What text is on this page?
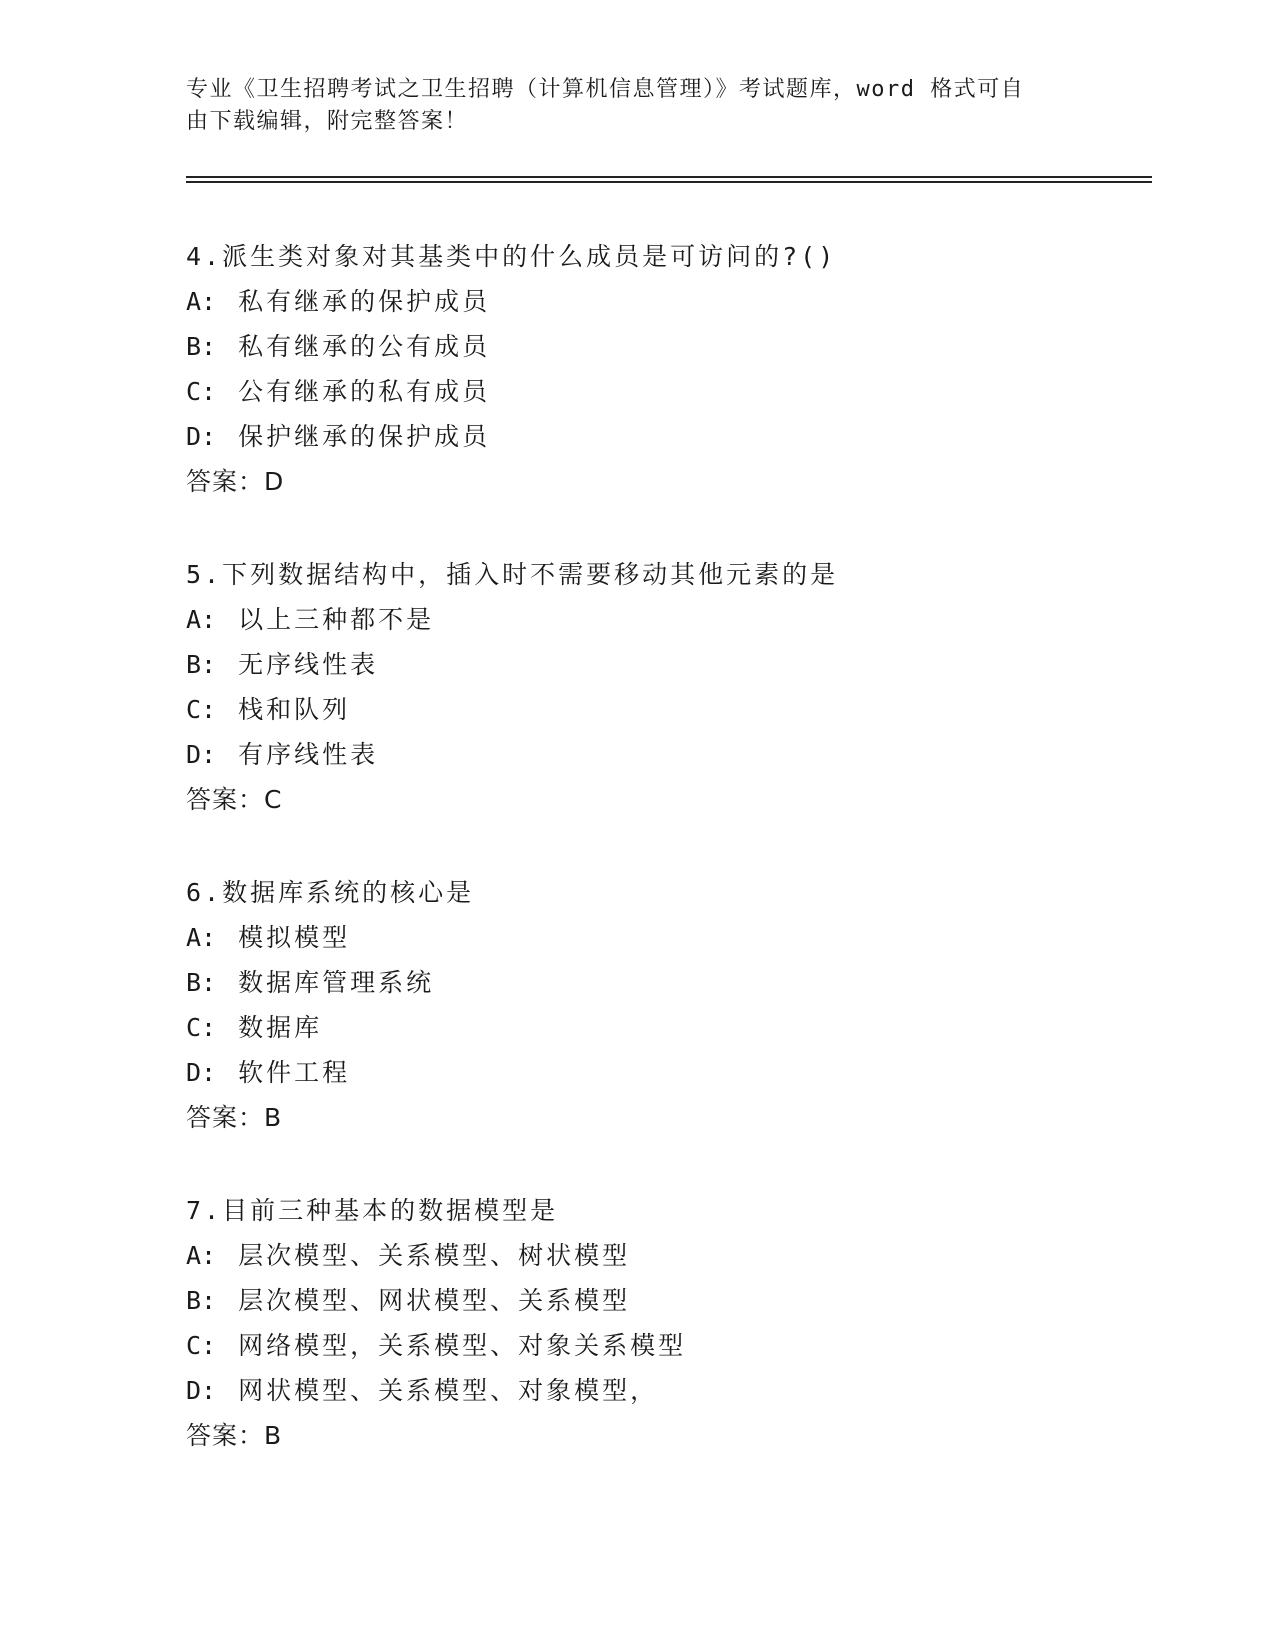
专业《卫生招聘考试之卫生招聘（计算机信息管理）》考试题库，word 格式可自
由下载编辑，附完整答案！
4.派生类对象对其基类中的什么成员是可访问的?()
A: 私有继承的保护成员
B: 私有继承的公有成员
C: 公有继承的私有成员
D: 保护继承的保护成员
答案：D
5.下列数据结构中，插入时不需要移动其他元素的是
A: 以上三种都不是
B: 无序线性表
C: 栈和队列
D: 有序线性表
答案：C
6.数据库系统的核心是
A: 模拟模型
B: 数据库管理系统
C: 数据库
D: 软件工程
答案：B
7.目前三种基本的数据模型是
A: 层次模型、关系模型、树状模型
B: 层次模型、网状模型、关系模型
C: 网络模型，关系模型、对象关系模型
D: 网状模型、关系模型、对象模型，
答案：B
